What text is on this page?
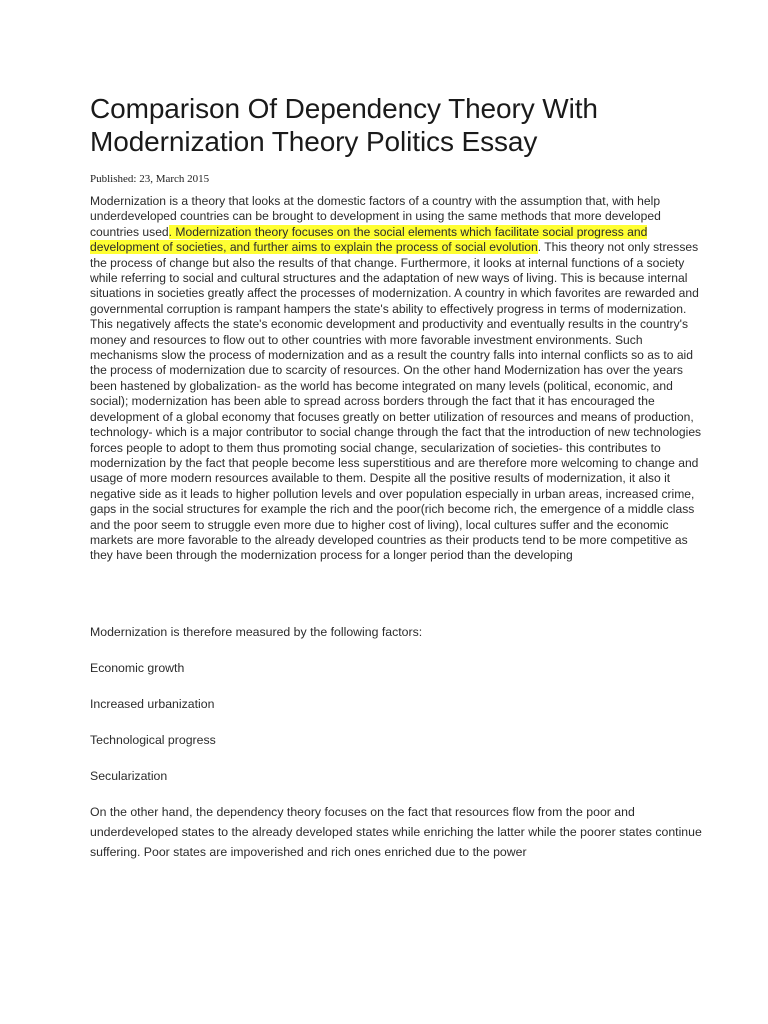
Comparison Of Dependency Theory With Modernization Theory Politics Essay

Published: 23, March 2015

Modernization is a theory that looks at the domestic factors of a country with the assumption that, with help underdeveloped countries can be brought to development in using the same methods that more developed countries used. Modernization theory focuses on the social elements which facilitate social progress and development of societies, and further aims to explain the process of social evolution. This theory not only stresses the process of change but also the results of that change. Furthermore, it looks at internal functions of a society while referring to social and cultural structures and the adaptation of new ways of living. This is because internal situations in societies greatly affect the processes of modernization. A country in which favorites are rewarded and governmental corruption is rampant hampers the state's ability to effectively progress in terms of modernization. This negatively affects the state's economic development and productivity and eventually results in the country's money and resources to flow out to other countries with more favorable investment environments. Such mechanisms slow the process of modernization and as a result the country falls into internal conflicts so as to aid the process of modernization due to scarcity of resources. On the other hand Modernization has over the years been hastened by globalization- as the world has become integrated on many levels (political, economic, and social); modernization has been able to spread across borders through the fact that it has encouraged the development of a global economy that focuses greatly on better utilization of resources and means of production, technology- which is a major contributor to social change through the fact that the introduction of new technologies forces people to adopt to them thus promoting social change, secularization of societies- this contributes to modernization by the fact that people become less superstitious and are therefore more welcoming to change and usage of more modern resources available to them. Despite all the positive results of modernization, it also it negative side as it leads to higher pollution levels and over population especially in urban areas, increased crime, gaps in the social structures for example the rich and the poor(rich become rich, the emergence of a middle class and the poor seem to struggle even more due to higher cost of living), local cultures suffer and the economic markets are more favorable to the already developed countries as their products tend to be more competitive as they have been through the modernization process for a longer period than the developing

Modernization is therefore measured by the following factors:

Economic growth

Increased urbanization

Technological progress

Secularization

On the other hand, the dependency theory focuses on the fact that resources flow from the poor and underdeveloped states to the already developed states while enriching the latter while the poorer states continue suffering. Poor states are impoverished and rich ones enriched due to the power
